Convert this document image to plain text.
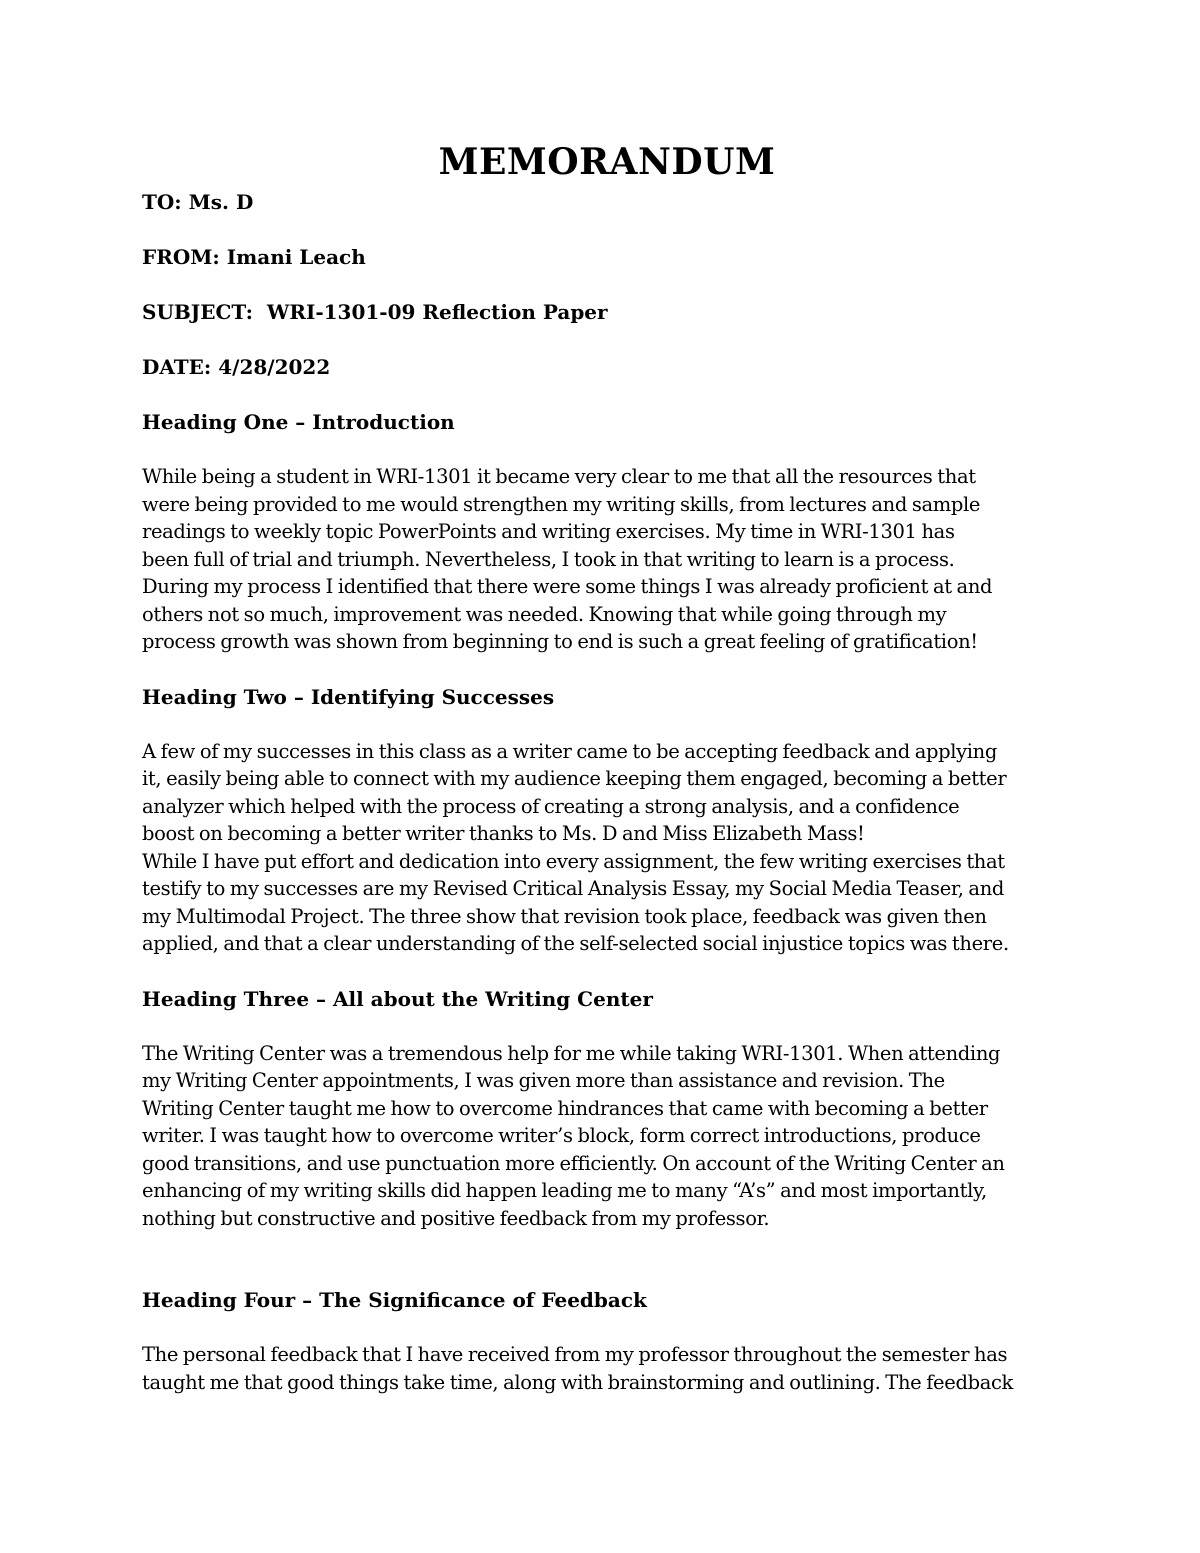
MEMORANDUM
TO: Ms. D
FROM: Imani Leach
SUBJECT:  WRI-1301-09 Reflection Paper
DATE: 4/28/2022
Heading One – Introduction
While being a student in WRI-1301 it became very clear to me that all the resources that
were being provided to me would strengthen my writing skills, from lectures and sample
readings to weekly topic PowerPoints and writing exercises. My time in WRI-1301 has
been full of trial and triumph. Nevertheless, I took in that writing to learn is a process.
During my process I identified that there were some things I was already proficient at and
others not so much, improvement was needed. Knowing that while going through my
process growth was shown from beginning to end is such a great feeling of gratification!
Heading Two – Identifying Successes
A few of my successes in this class as a writer came to be accepting feedback and applying
it, easily being able to connect with my audience keeping them engaged, becoming a better
analyzer which helped with the process of creating a strong analysis, and a confidence
boost on becoming a better writer thanks to Ms. D and Miss Elizabeth Mass!
While I have put effort and dedication into every assignment, the few writing exercises that
testify to my successes are my Revised Critical Analysis Essay, my Social Media Teaser, and
my Multimodal Project. The three show that revision took place, feedback was given then
applied, and that a clear understanding of the self-selected social injustice topics was there.
Heading Three – All about the Writing Center
The Writing Center was a tremendous help for me while taking WRI-1301. When attending
my Writing Center appointments, I was given more than assistance and revision. The
Writing Center taught me how to overcome hindrances that came with becoming a better
writer. I was taught how to overcome writer’s block, form correct introductions, produce
good transitions, and use punctuation more efficiently. On account of the Writing Center an
enhancing of my writing skills did happen leading me to many “A’s” and most importantly,
nothing but constructive and positive feedback from my professor.
Heading Four – The Significance of Feedback
The personal feedback that I have received from my professor throughout the semester has
taught me that good things take time, along with brainstorming and outlining. The feedback
